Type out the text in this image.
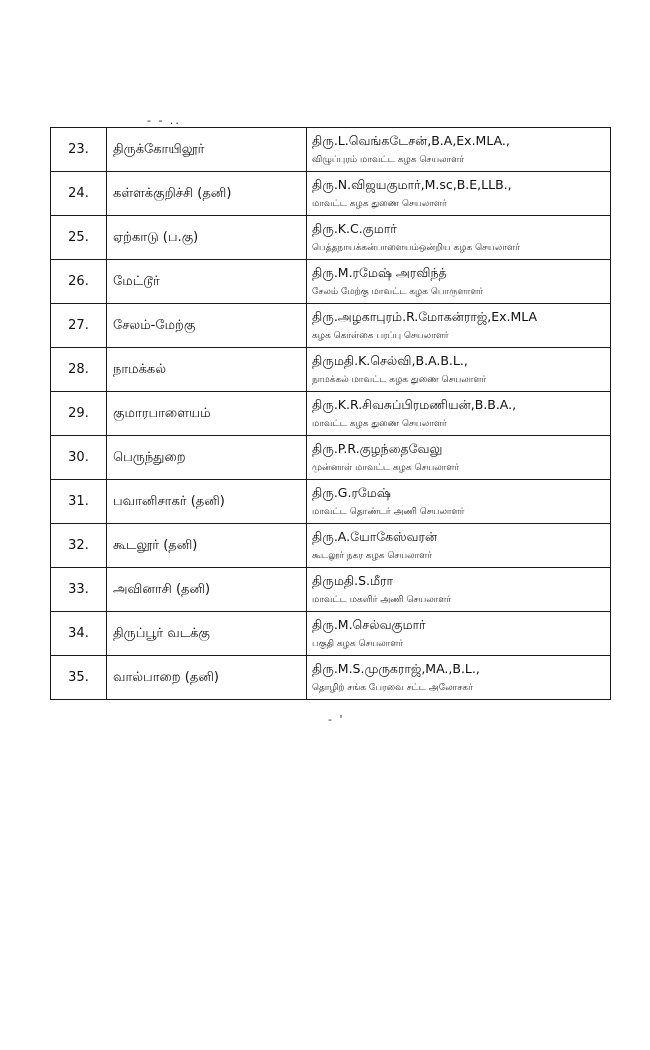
- - ..
23.	திருக்கோயிலூர்	திரு.L.வெங்கடேசன்,B.A,Ex.MLA.,
விழுப்புரம் மாவட்ட கழக செயலாளர்

24.	கள்ளக்குறிச்சி (தனி)	திரு.N.விஜயகுமார்,M.sc,B.E,LLB.,
மாவட்ட கழக துணை செயலாளர்

25.	ஏற்காடு (ப.கு)	திரு.K.C.குமார்
பெத்தநாயக்கன்பாளையம்ஒன்றிய கழக செயலாளர்

26.	மேட்டூர்	திரு.M.ரமேஷ் அரவிந்த்
சேலம் மேற்கு மாவட்ட கழக பொருளாளர்

27.	சேலம்-மேற்கு	திரு.அழகாபுரம்.R.மோகன்ராஜ்,Ex.MLA
கழக கொள்கை பரப்பு செயலாளர்

28.	நாமக்கல்	திருமதி.K.செல்வி,B.A.B.L.,
நாமக்கல் மாவட்ட கழக துணை செயலாளர்

29.	குமாரபாளையம்	திரு.K.R.சிவசுப்பிரமணியன்,B.B.A.,
மாவட்ட கழக துணை செயலாளர்

30.	பெருந்துறை	திரு.P.R.குழந்தைவேலு
முன்னாள் மாவட்ட கழக செயலாளர்

31.	பவானிசாகர் (தனி)	திரு.G.ரமேஷ்
மாவட்ட தொண்டர் அணி செயலாளர்

32.	கூடலூர் (தனி)	திரு.A.யோகேஸ்வரன்
கூடலூர் நகர கழக செயலாளர்

33.	அவினாசி (தனி)	திருமதி.S.மீரா
மாவட்ட மகளிர் அணி செயலாளர்

34.	திருப்பூர் வடக்கு	திரு.M.செல்வகுமார்
பகுதி கழக செயலாளர்

35.	வால்பாறை (தனி)	திரு.M.S.முருகராஜ்,MA.,B.L.,
தொழிற் சங்க பேரவை சட்ட அலோசகர்
- '
